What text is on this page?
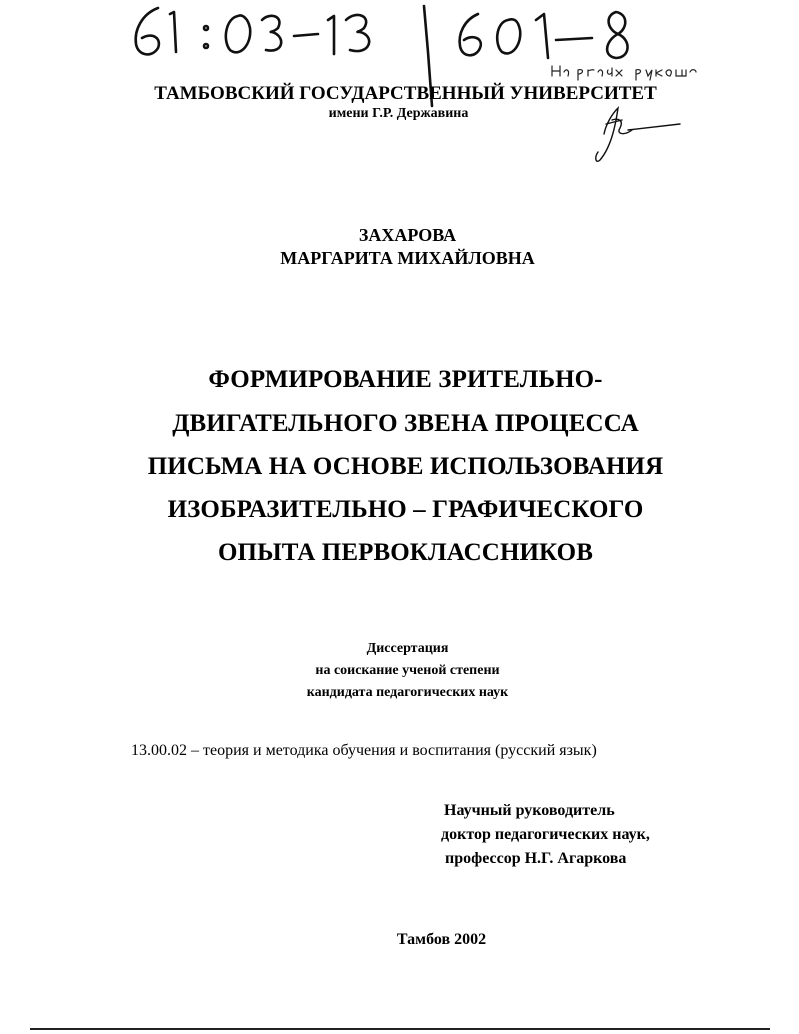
ТАМБОВСКИЙ ГОСУДАРСТВЕННЫЙ УНИВЕРСИТЕТ
имени Г.Р. Державина
ЗАХАРОВА
МАРГАРИТА МИХАЙЛОВНА
ФОРМИРОВАНИЕ ЗРИТЕЛЬНО-
ДВИГАТЕЛЬНОГО ЗВЕНА ПРОЦЕССА
ПИСЬМА НА ОСНОВЕ ИСПОЛЬЗОВАНИЯ
ИЗОБРАЗИТЕЛЬНО – ГРАФИЧЕСКОГО
ОПЫТА ПЕРВОКЛАССНИКОВ
Диссертация
на соискание ученой степени
кандидата педагогических наук
13.00.02 – теория и методика обучения и воспитания (русский язык)
Научный руководитель
доктор педагогических наук,
профессор Н.Г. Агаркова
Тамбов 2002
